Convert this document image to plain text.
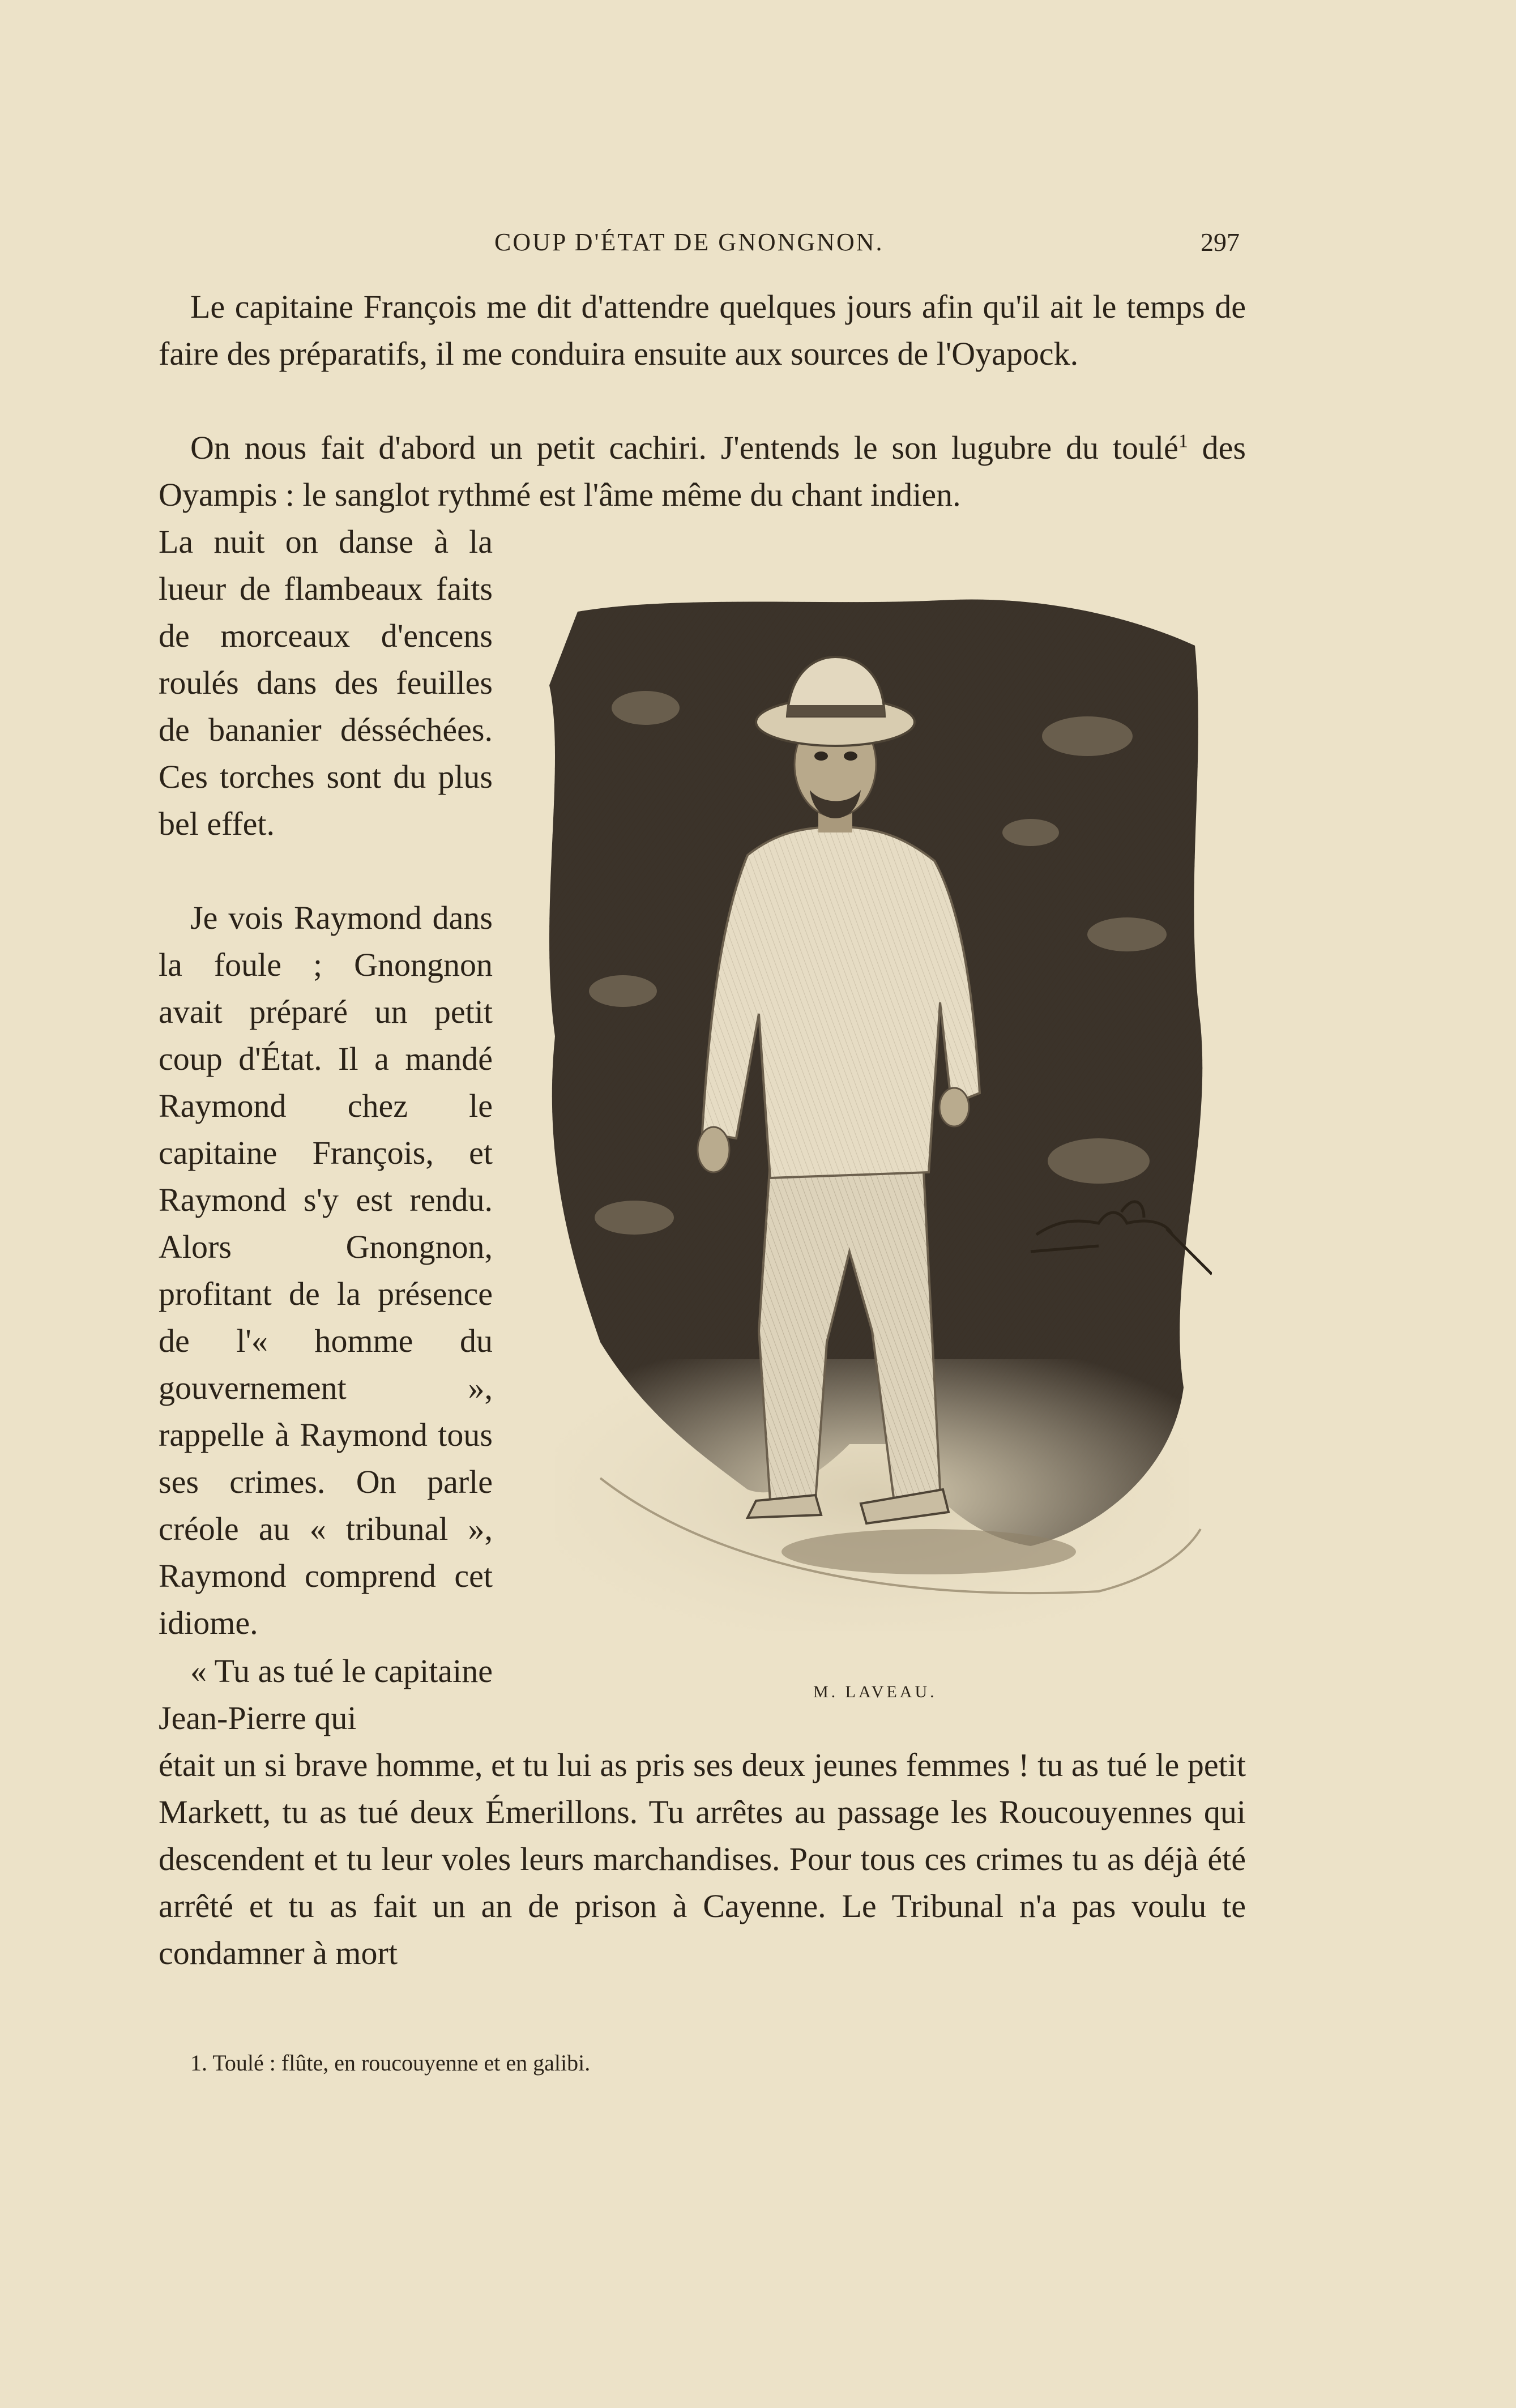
COUP D'ÉTAT DE GNONGNON.	297

Le capitaine François me dit d'attendre quelques jours afin qu'il ait le temps de faire des préparatifs, il me conduira ensuite aux sources de l'Oyapock.

On nous fait d'abord un petit cachiri. J'entends le son lugubre du toulé$^1$ des Oyampis : le sanglot rythmé est l'âme même du chant indien.

La nuit on danse à la lueur de flambeaux faits de morceaux d'encens roulés dans des feuilles de bananier désséchées. Ces torches sont du plus bel effet.

Je vois Raymond dans la foule ; Gnongnon avait préparé un petit coup d'État. Il a mandé Raymond chez le capitaine François, et Raymond s'y est rendu. Alors Gnongnon, profitant de la présence de l'« homme du gouvernement », rappelle à Raymond tous ses crimes. On parle créole au « tribunal », Raymond comprend cet idiome.

« Tu as tué le capitaine Jean-Pierre qui

était un si brave homme, et tu lui as pris ses deux jeunes femmes ! tu as tué le petit Markett, tu as tué deux Émerillons. Tu arrêtes au passage les Roucouyennes qui descendent et tu leur voles leurs marchandises. Pour tous ces crimes tu as déjà été arrêté et tu as fait un an de prison à Cayenne. Le Tribunal n'a pas voulu te condamner à mort

M. LAVEAU.
1. Toulé : flûte, en roucouyenne et en galibi.
